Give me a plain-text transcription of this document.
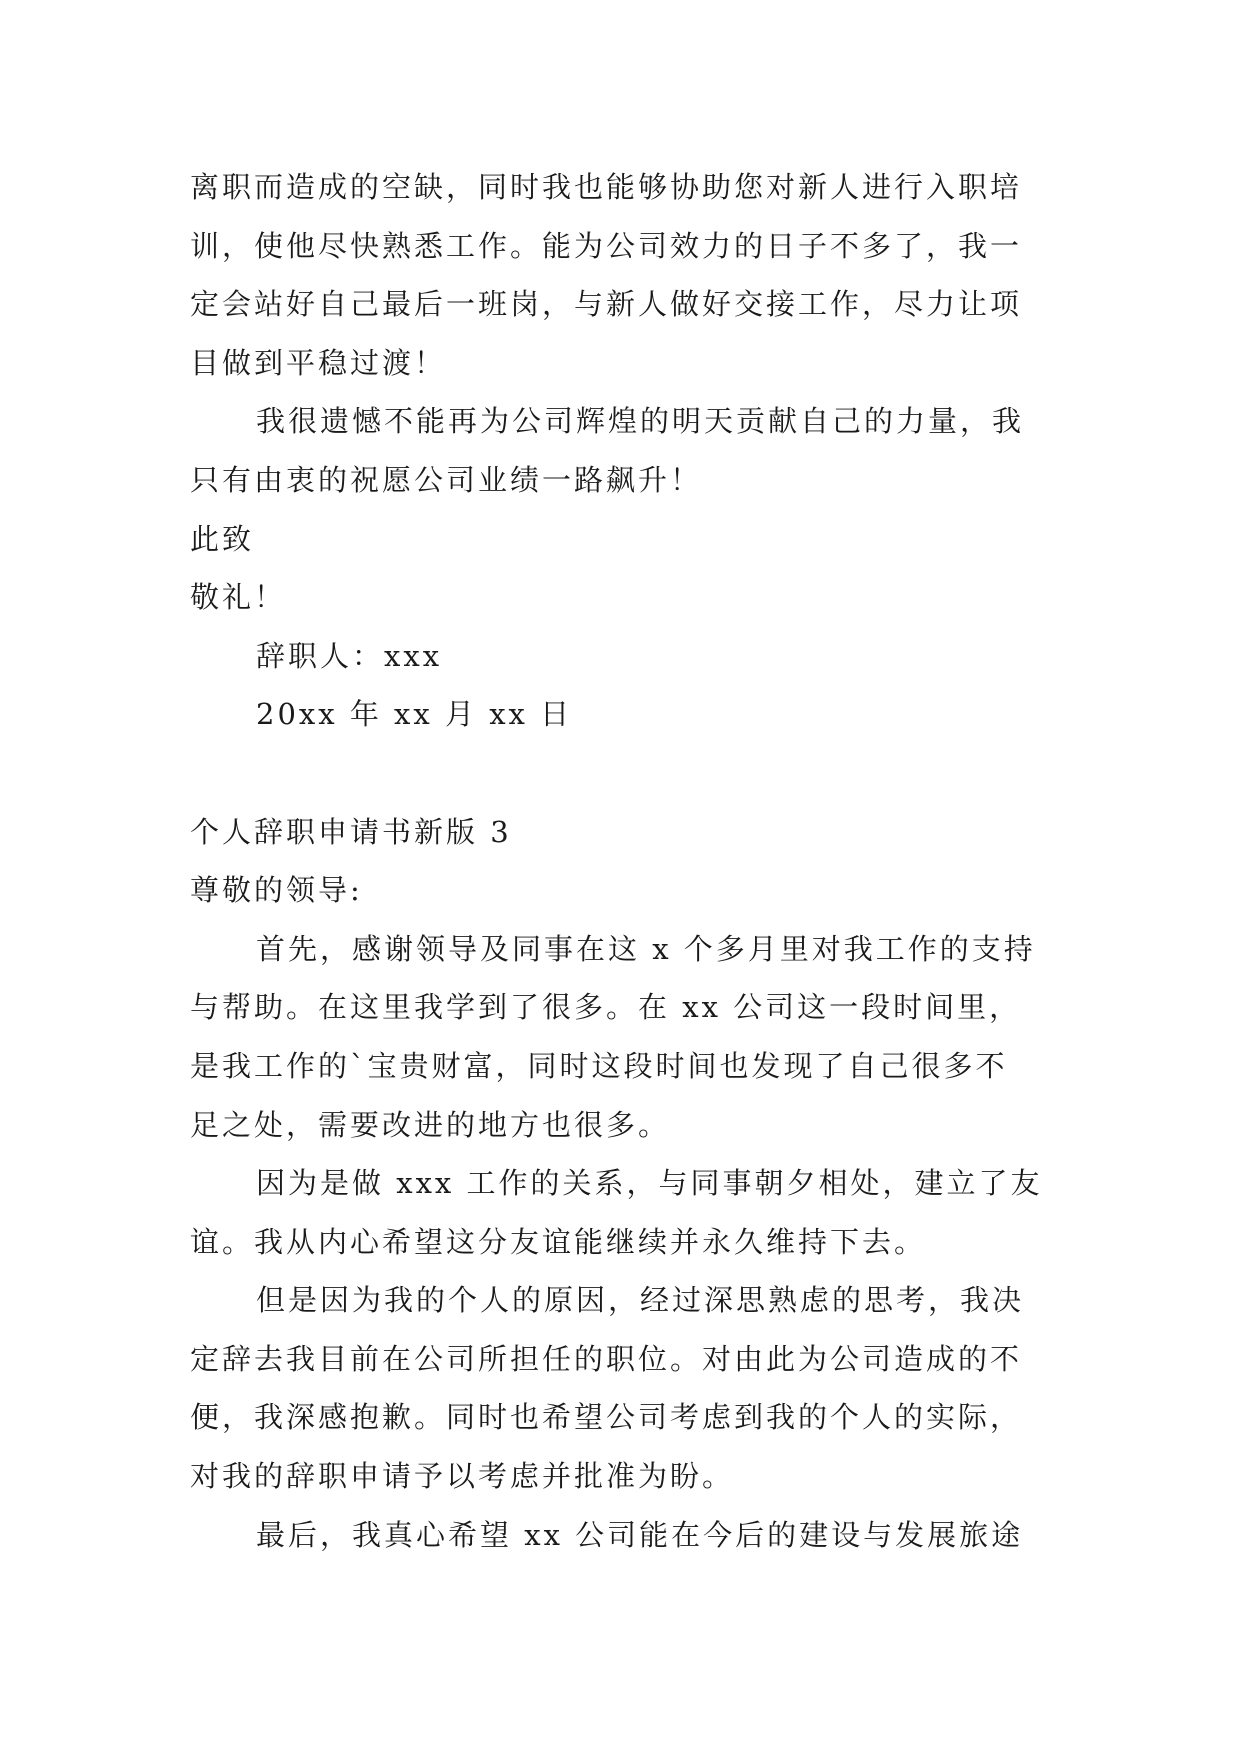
离职而造成的空缺，同时我也能够协助您对新人进行入职培
训，使他尽快熟悉工作。能为公司效力的日子不多了，我一
定会站好自己最后一班岗，与新人做好交接工作，尽力让项
目做到平稳过渡！
我很遗憾不能再为公司辉煌的明天贡献自己的力量，我
只有由衷的祝愿公司业绩一路飙升！
此致
敬礼！
辞职人：xxx
20xx 年 xx 月 xx 日
个人辞职申请书新版 3
尊敬的领导:
首先，感谢领导及同事在这 x 个多月里对我工作的支持
与帮助。在这里我学到了很多。在 xx 公司这一段时间里，
是我工作的`宝贵财富，同时这段时间也发现了自己很多不
足之处，需要改进的地方也很多。
因为是做 xxx 工作的关系，与同事朝夕相处，建立了友
谊。我从内心希望这分友谊能继续并永久维持下去。
但是因为我的个人的原因，经过深思熟虑的思考，我决
定辞去我目前在公司所担任的职位。对由此为公司造成的不
便，我深感抱歉。同时也希望公司考虑到我的个人的实际，
对我的辞职申请予以考虑并批准为盼。
最后，我真心希望 xx 公司能在今后的建设与发展旅途
